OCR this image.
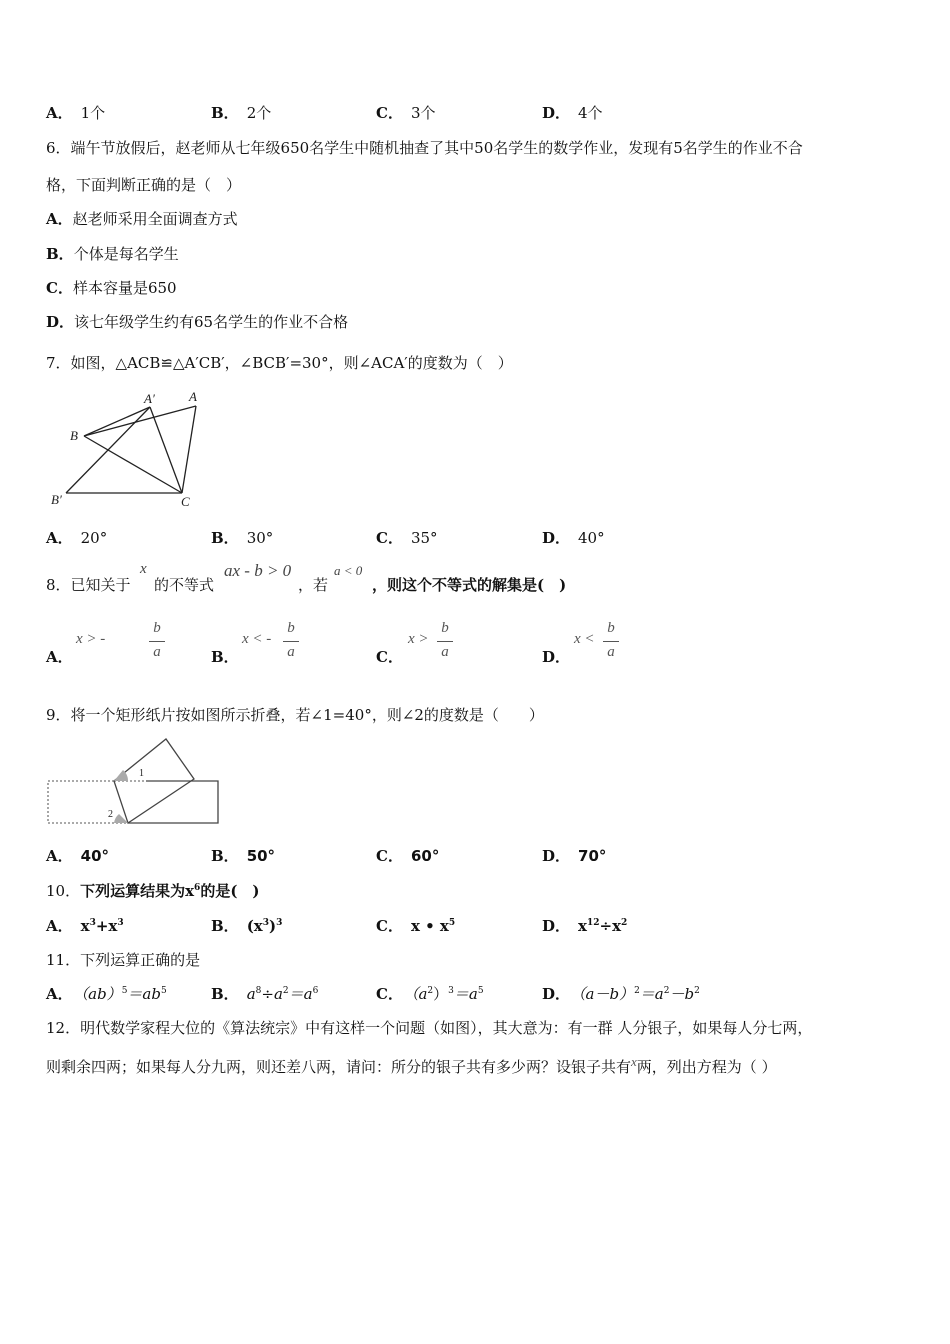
A． 1个	B． 2个	C． 3个	D． 4个
6．端午节放假后，赵老师从七年级650名学生中随机抽查了其中50名学生的数学作业，发现有5名学生的作业不合
格，下面判断正确的是（　）
A．赵老师采用全面调查方式
B．个体是每名学生
C．样本容量是650
D．该七年级学生约有65名学生的作业不合格
7．如图，△ACB≌△A′CB′，∠BCB′=30°，则∠ACA′的度数为（　）
A′	A
B
B′	C
A． 20°	B． 30°	C． 35°	D． 40°
8．已知关于
x
的不等式
ax - b > 0
，若
a < 0
，则这个不等式的解集是(　)
A．
x > -
b
a	B．
x < -
b
a	C．
x >
b
a	D．
x <
b
a
9．将一个矩形纸片按如图所示折叠，若∠1=40°，则∠2的度数是（　　）
1
2
A． 40°	B． 50°	C． 60°	D． 70°
10．下列运算结果为$x^6$的是(　)
A． $x^3+x^3$	B． $(x^3)^3$	C． x • $x^5$	D． $x^{12}\div x^2$
11．下列运算正确的是
A． $(ab)^5=ab^5$	B． $a^8\div a^2=a^6$	C． $(a^2)^3=a^5$	D． $(a-b)^2=a^2-b^2$
12．明代数学家程大位的《算法统宗》中有这样一个问题（如图），其大意为：有一群 人分银子，如果每人分七两，
则剩余四两；如果每人分九两，则还差八两，请问：所分的银子共有多少两？设银子共有x两，列出方程为（ ）
